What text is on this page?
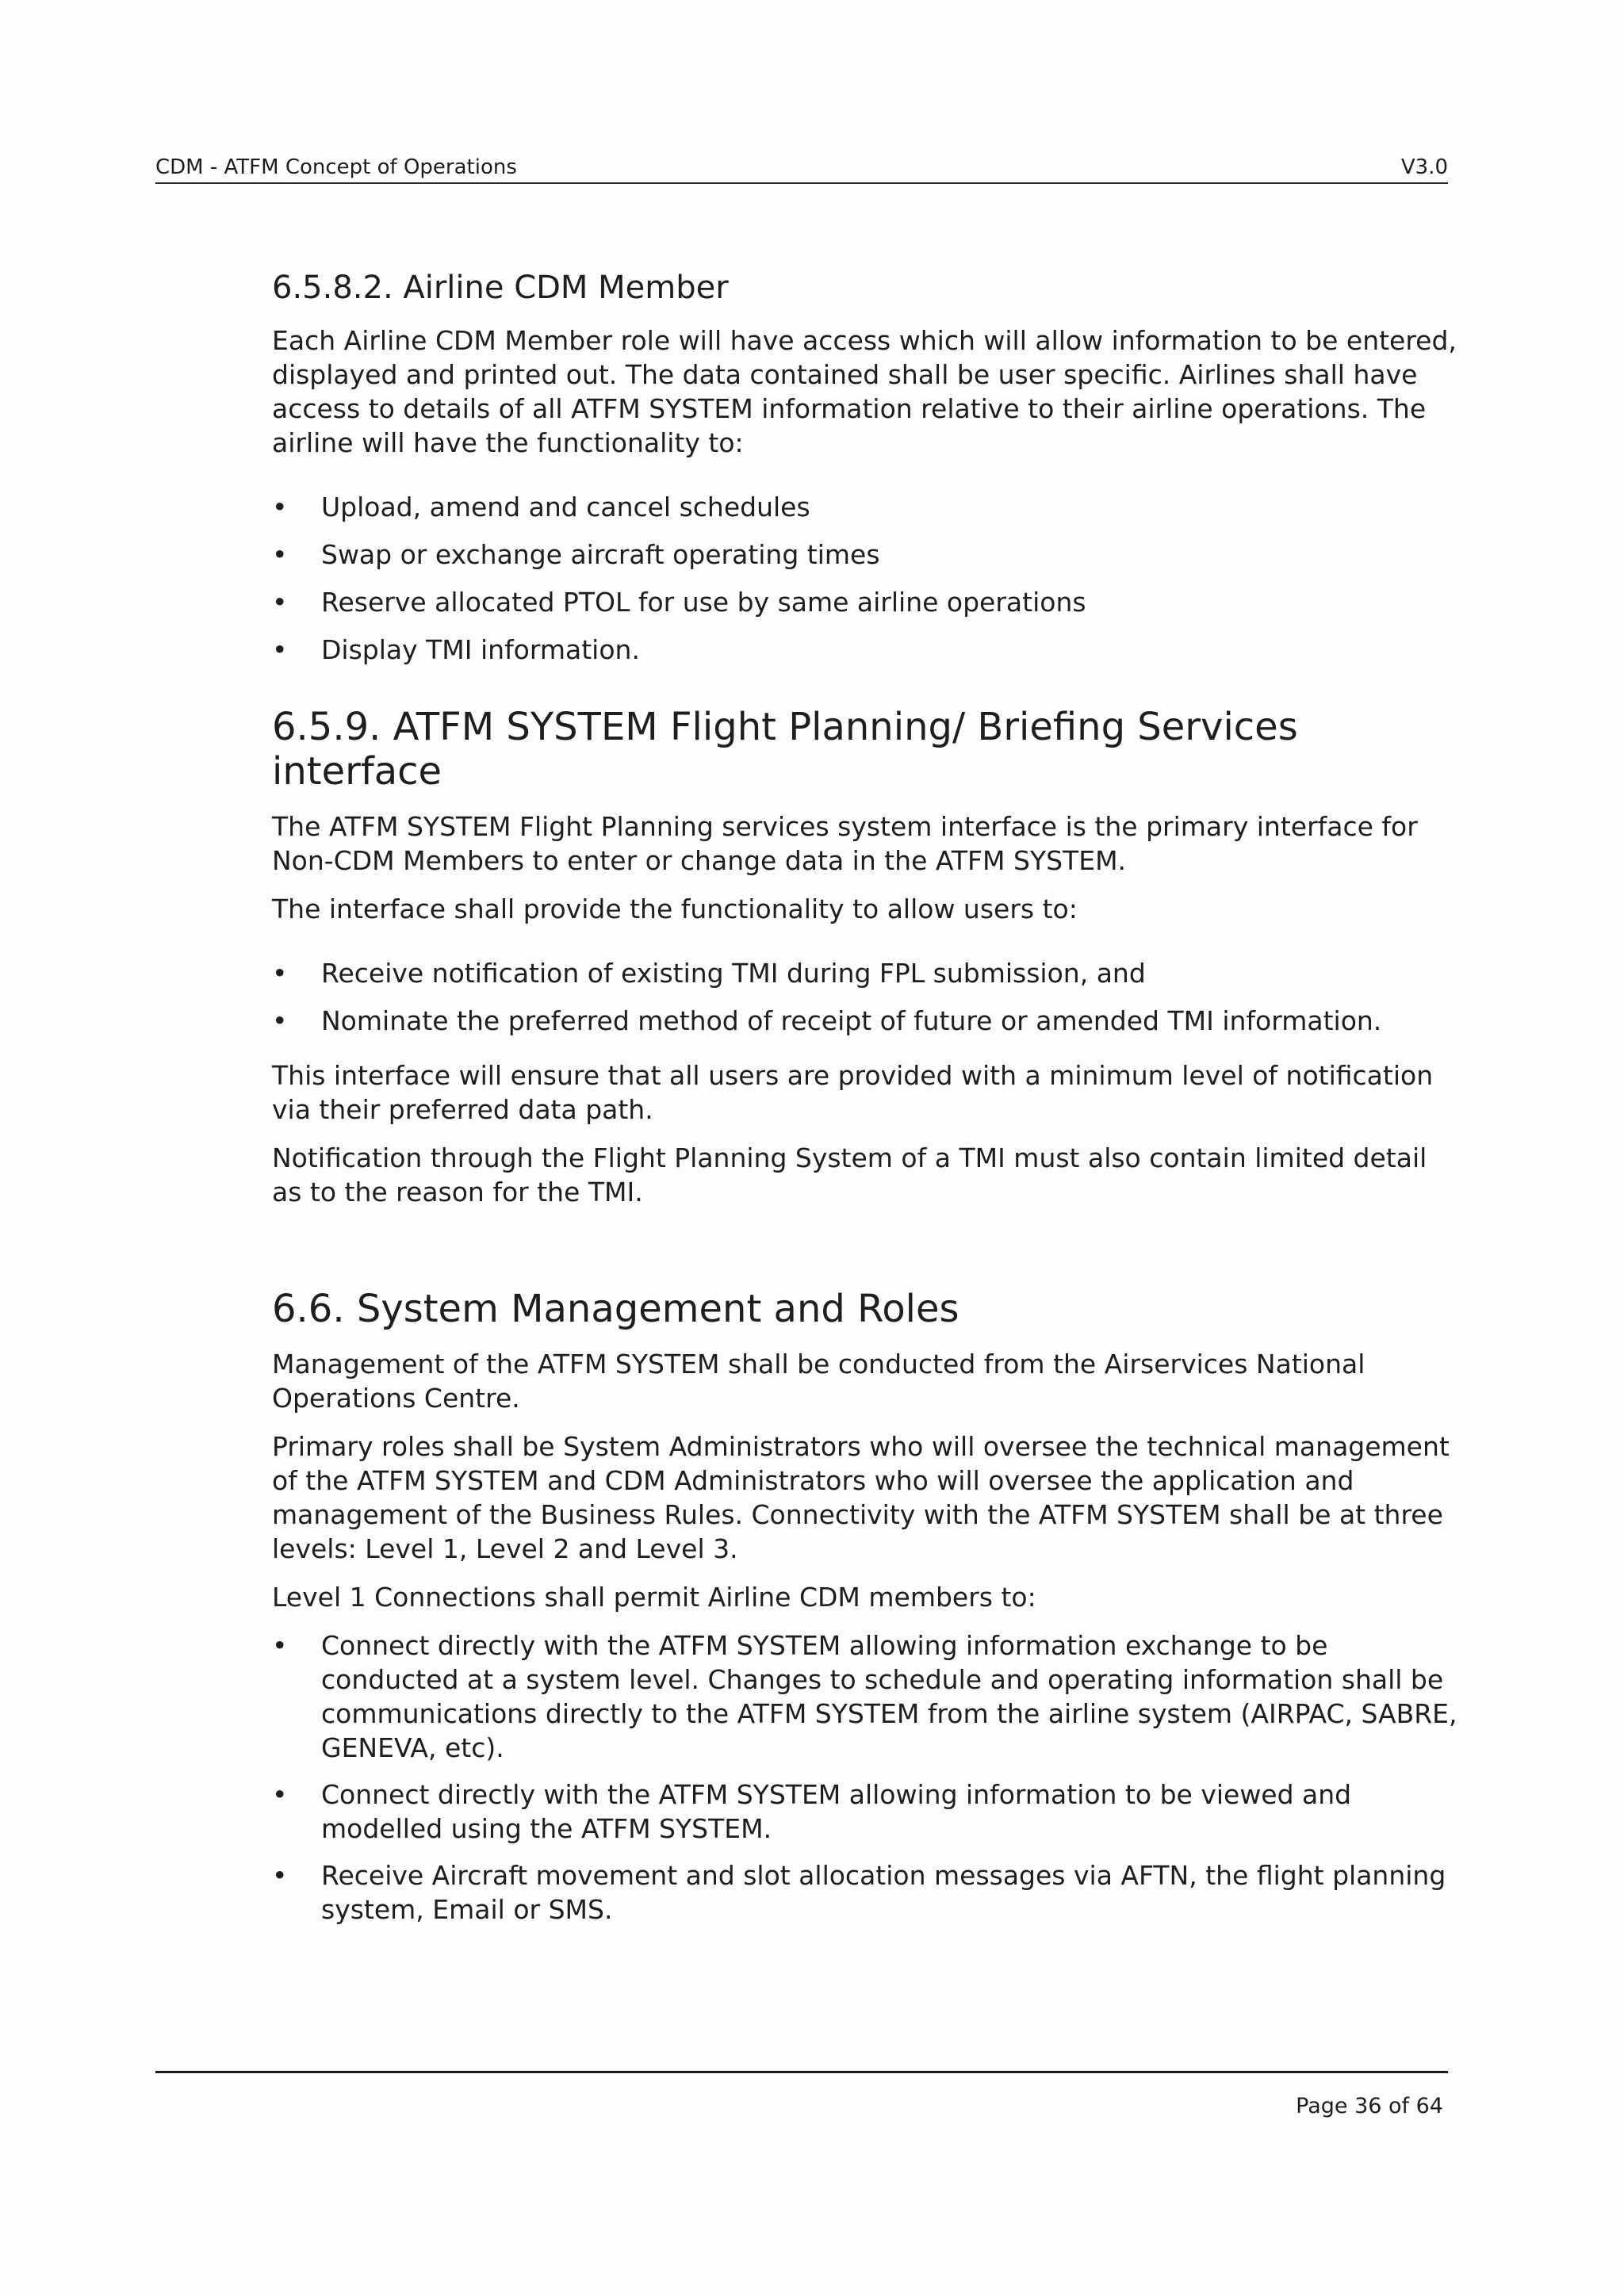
CDM - ATFM Concept of Operations	V3.0
6.5.8.2. Airline CDM Member

Each Airline CDM Member role will have access which will allow information to be entered, displayed and printed out. The data contained shall be user specific. Airlines shall have access to details of all ATFM SYSTEM information relative to their airline operations. The airline will have the functionality to:

• Upload, amend and cancel schedules
• Swap or exchange aircraft operating times
• Reserve allocated PTOL for use by same airline operations
• Display TMI information.
6.5.9. ATFM SYSTEM Flight Planning/ Briefing Services interface

The ATFM SYSTEM Flight Planning services system interface is the primary interface for Non-CDM Members to enter or change data in the ATFM SYSTEM.

The interface shall provide the functionality to allow users to:

• Receive notification of existing TMI during FPL submission, and
• Nominate the preferred method of receipt of future or amended TMI information.

This interface will ensure that all users are provided with a minimum level of notification via their preferred data path.

Notification through the Flight Planning System of a TMI must also contain limited detail as to the reason for the TMI.

6.6. System Management and Roles

Management of the ATFM SYSTEM shall be conducted from the Airservices National Operations Centre.

Primary roles shall be System Administrators who will oversee the technical management of the ATFM SYSTEM and CDM Administrators who will oversee the application and management of the Business Rules. Connectivity with the ATFM SYSTEM shall be at three levels: Level 1, Level 2 and Level 3.

Level 1 Connections shall permit Airline CDM members to:

• Connect directly with the ATFM SYSTEM allowing information exchange to be conducted at a system level. Changes to schedule and operating information shall be communications directly to the ATFM SYSTEM from the airline system (AIRPAC, SABRE, GENEVA, etc).
• Connect directly with the ATFM SYSTEM allowing information to be viewed and modelled using the ATFM SYSTEM.
• Receive Aircraft movement and slot allocation messages via AFTN, the flight planning system, Email or SMS.
Page 36 of 64
